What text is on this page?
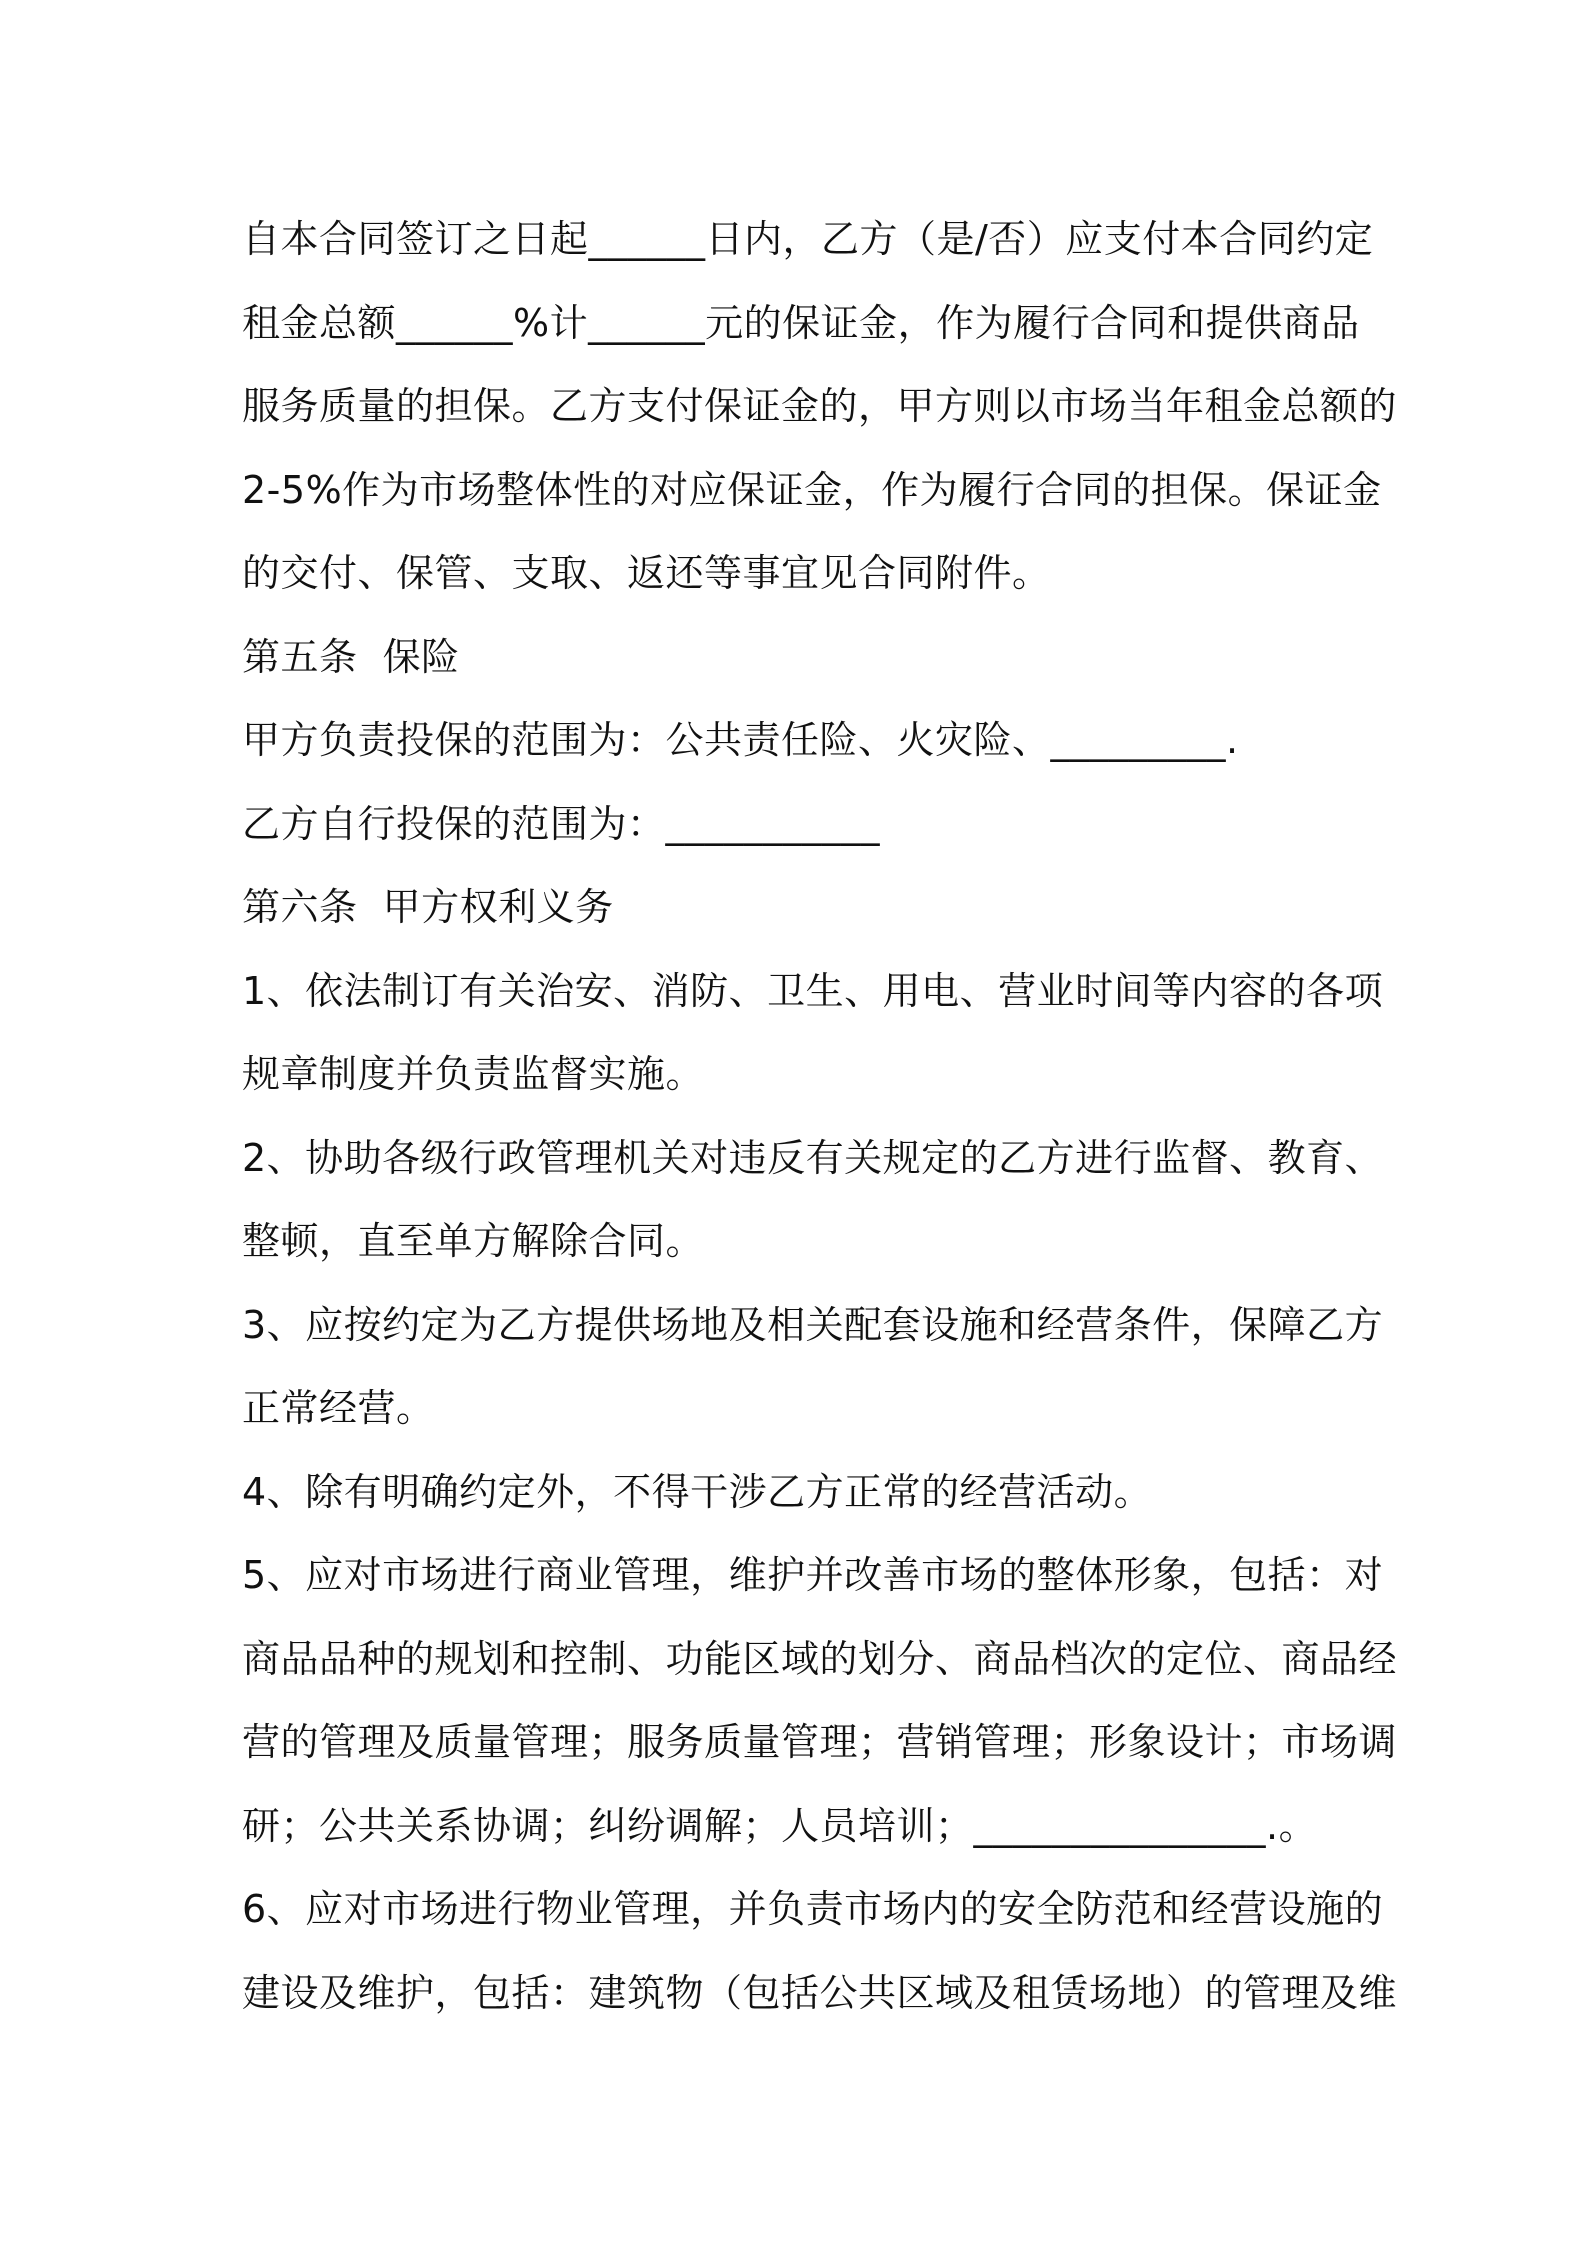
自本合同签订之日起______日内，乙方（是/否）应支付本合同约定
租金总额______%计______元的保证金，作为履行合同和提供商品
服务质量的担保。乙方支付保证金的，甲方则以市场当年租金总额的
2-5%作为市场整体性的对应保证金，作为履行合同的担保。保证金
的交付、保管、支取、返还等事宜见合同附件。
第五条  保险
甲方负责投保的范围为：公共责任险、火灾险、_________.
乙方自行投保的范围为：___________
第六条  甲方权利义务
1、依法制订有关治安、消防、卫生、用电、营业时间等内容的各项
规章制度并负责监督实施。
2、协助各级行政管理机关对违反有关规定的乙方进行监督、教育、
整顿，直至单方解除合同。
3、应按约定为乙方提供场地及相关配套设施和经营条件，保障乙方
正常经营。
4、除有明确约定外，不得干涉乙方正常的经营活动。
5、应对市场进行商业管理，维护并改善市场的整体形象，包括：对
商品品种的规划和控制、功能区域的划分、商品档次的定位、商品经
营的管理及质量管理；服务质量管理；营销管理；形象设计；市场调
研；公共关系协调；纠纷调解；人员培训；_______________.。
6、应对市场进行物业管理，并负责市场内的安全防范和经营设施的
建设及维护，包括：建筑物（包括公共区域及租赁场地）的管理及维
